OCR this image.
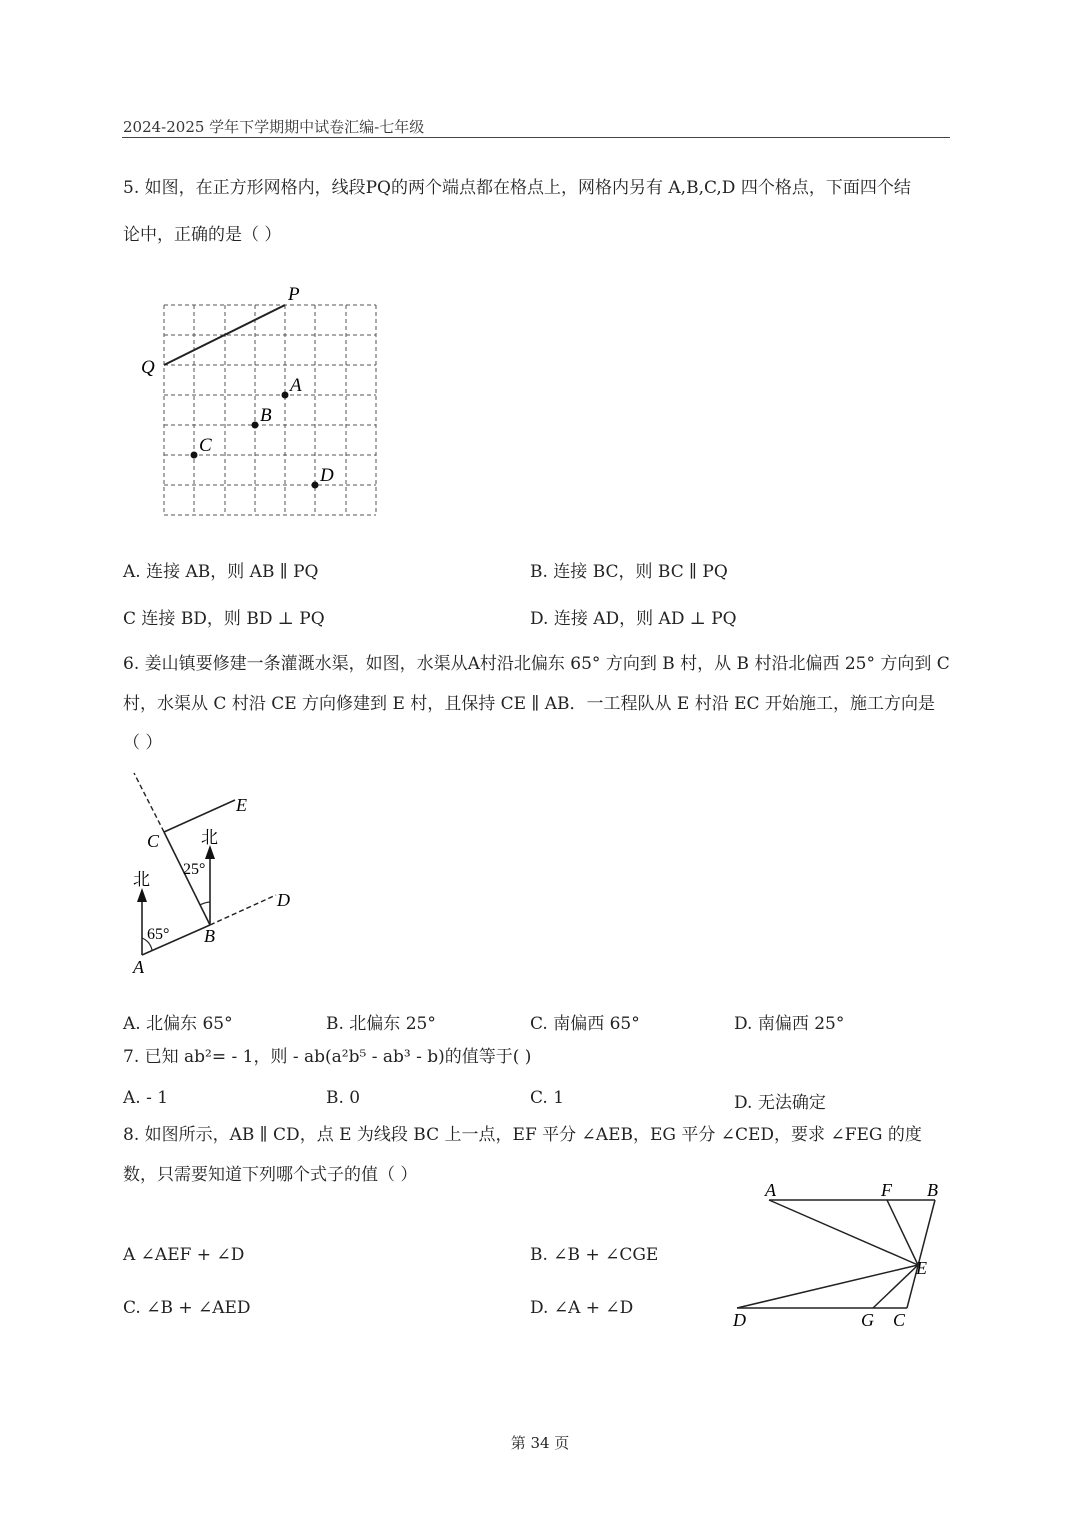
2024-2025 学年下学期期中试卷汇编-七年级
5. 如图，在正方形网格内，线段PQ的两个端点都在格点上，网格内另有 A,B,C,D 四个格点，下面四个结
论中，正确的是（ ）
P
Q
A
B
C
D
A. 连接 AB，则 AB ∥ PQ	B. 连接 BC，则 BC ∥ PQ
C 连接 BD，则 BD ⊥ PQ	D. 连接 AD，则 AD ⊥ PQ
6. 姜山镇要修建一条灌溉水渠，如图，水渠从A村沿北偏东 65° 方向到 B 村，从 B 村沿北偏西 25° 方向到 C
村，水渠从 C 村沿 CE 方向修建到 E 村，且保持 CE ∥ AB．一工程队从 E 村沿 EC 开始施工，施工方向是
（ ）
E
C
D
B
A
北
北
65°
25°
A. 北偏东 65°	B. 北偏东 25°	C. 南偏西 65°	D. 南偏西 25°
7. 已知 ab²= - 1，则 - ab(a²b⁵ - ab³ - b)的值等于( )
A. - 1	B. 0	C. 1	D. 无法确定
8. 如图所示，AB ∥ CD，点 E 为线段 BC 上一点，EF 平分 ∠AEB，EG 平分 ∠CED，要求 ∠FEG 的度
数，只需要知道下列哪个式子的值（ ）
A	F B
E
D	G C
A ∠AEF + ∠D	B. ∠B + ∠CGE
C. ∠B + ∠AED	D. ∠A + ∠D
第 34 页
